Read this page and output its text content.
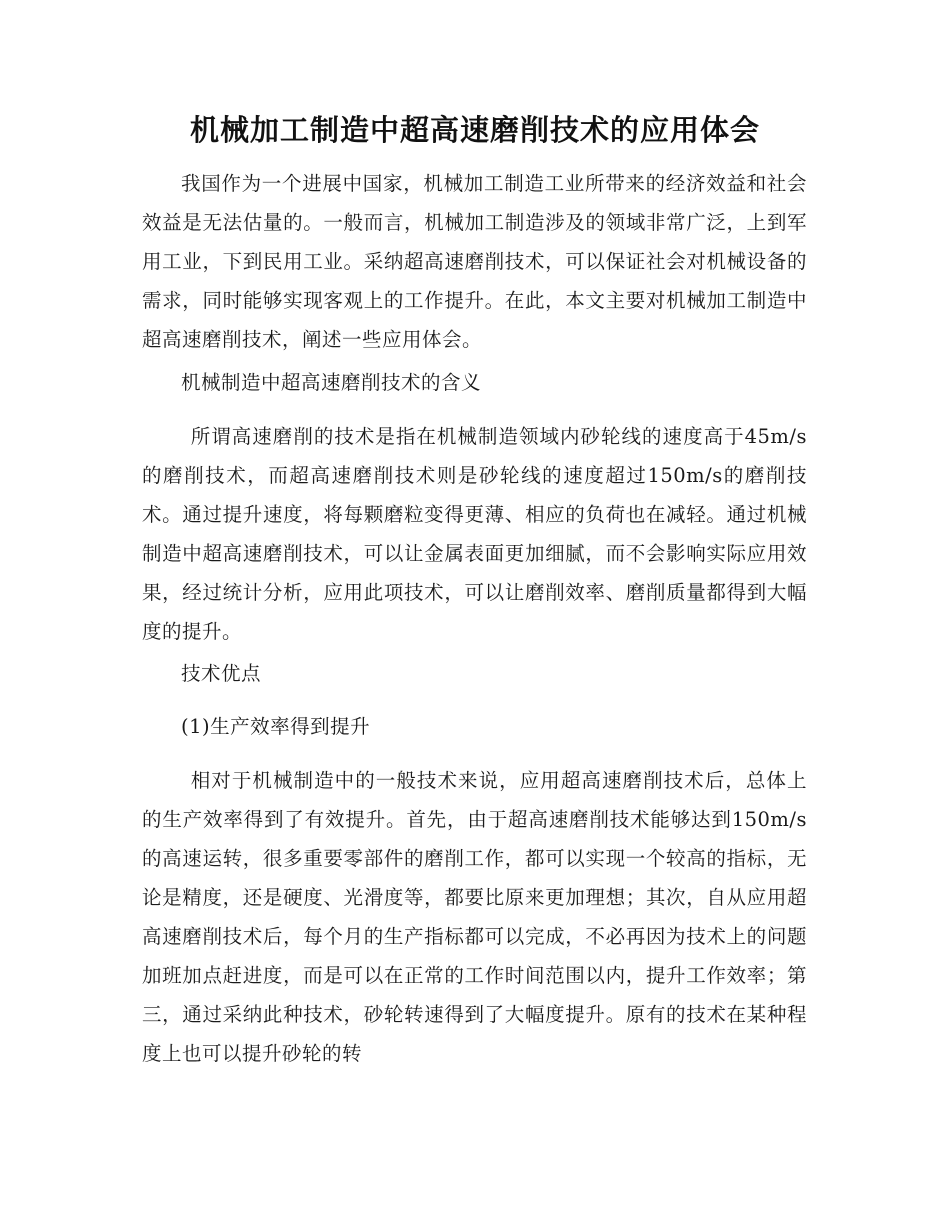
机械加工制造中超高速磨削技术的应用体会

我国作为一个进展中国家，机械加工制造工业所带来的经济效益和社会效益是无法估量的。一般而言，机械加工制造涉及的领域非常广泛，上到军用工业，下到民用工业。采纳超高速磨削技术，可以保证社会对机械设备的需求，同时能够实现客观上的工作提升。在此，本文主要对机械加工制造中超高速磨削技术，阐述一些应用体会。

机械制造中超高速磨削技术的含义

所谓高速磨削的技术是指在机械制造领域内砂轮线的速度高于45m/s的磨削技术，而超高速磨削技术则是砂轮线的速度超过150m/s的磨削技术。通过提升速度，将每颗磨粒变得更薄、相应的负荷也在减轻。通过机械制造中超高速磨削技术，可以让金属表面更加细腻，而不会影响实际应用效果，经过统计分析，应用此项技术，可以让磨削效率、磨削质量都得到大幅度的提升。

技术优点

(1)生产效率得到提升

相对于机械制造中的一般技术来说，应用超高速磨削技术后，总体上的生产效率得到了有效提升。首先，由于超高速磨削技术能够达到150m/s的高速运转，很多重要零部件的磨削工作，都可以实现一个较高的指标，无论是精度，还是硬度、光滑度等，都要比原来更加理想；其次，自从应用超高速磨削技术后，每个月的生产指标都可以完成，不必再因为技术上的问题加班加点赶进度，而是可以在正常的工作时间范围以内，提升工作效率；第三，通过采纳此种技术，砂轮转速得到了大幅度提升。原有的技术在某种程度上也可以提升砂轮的转
